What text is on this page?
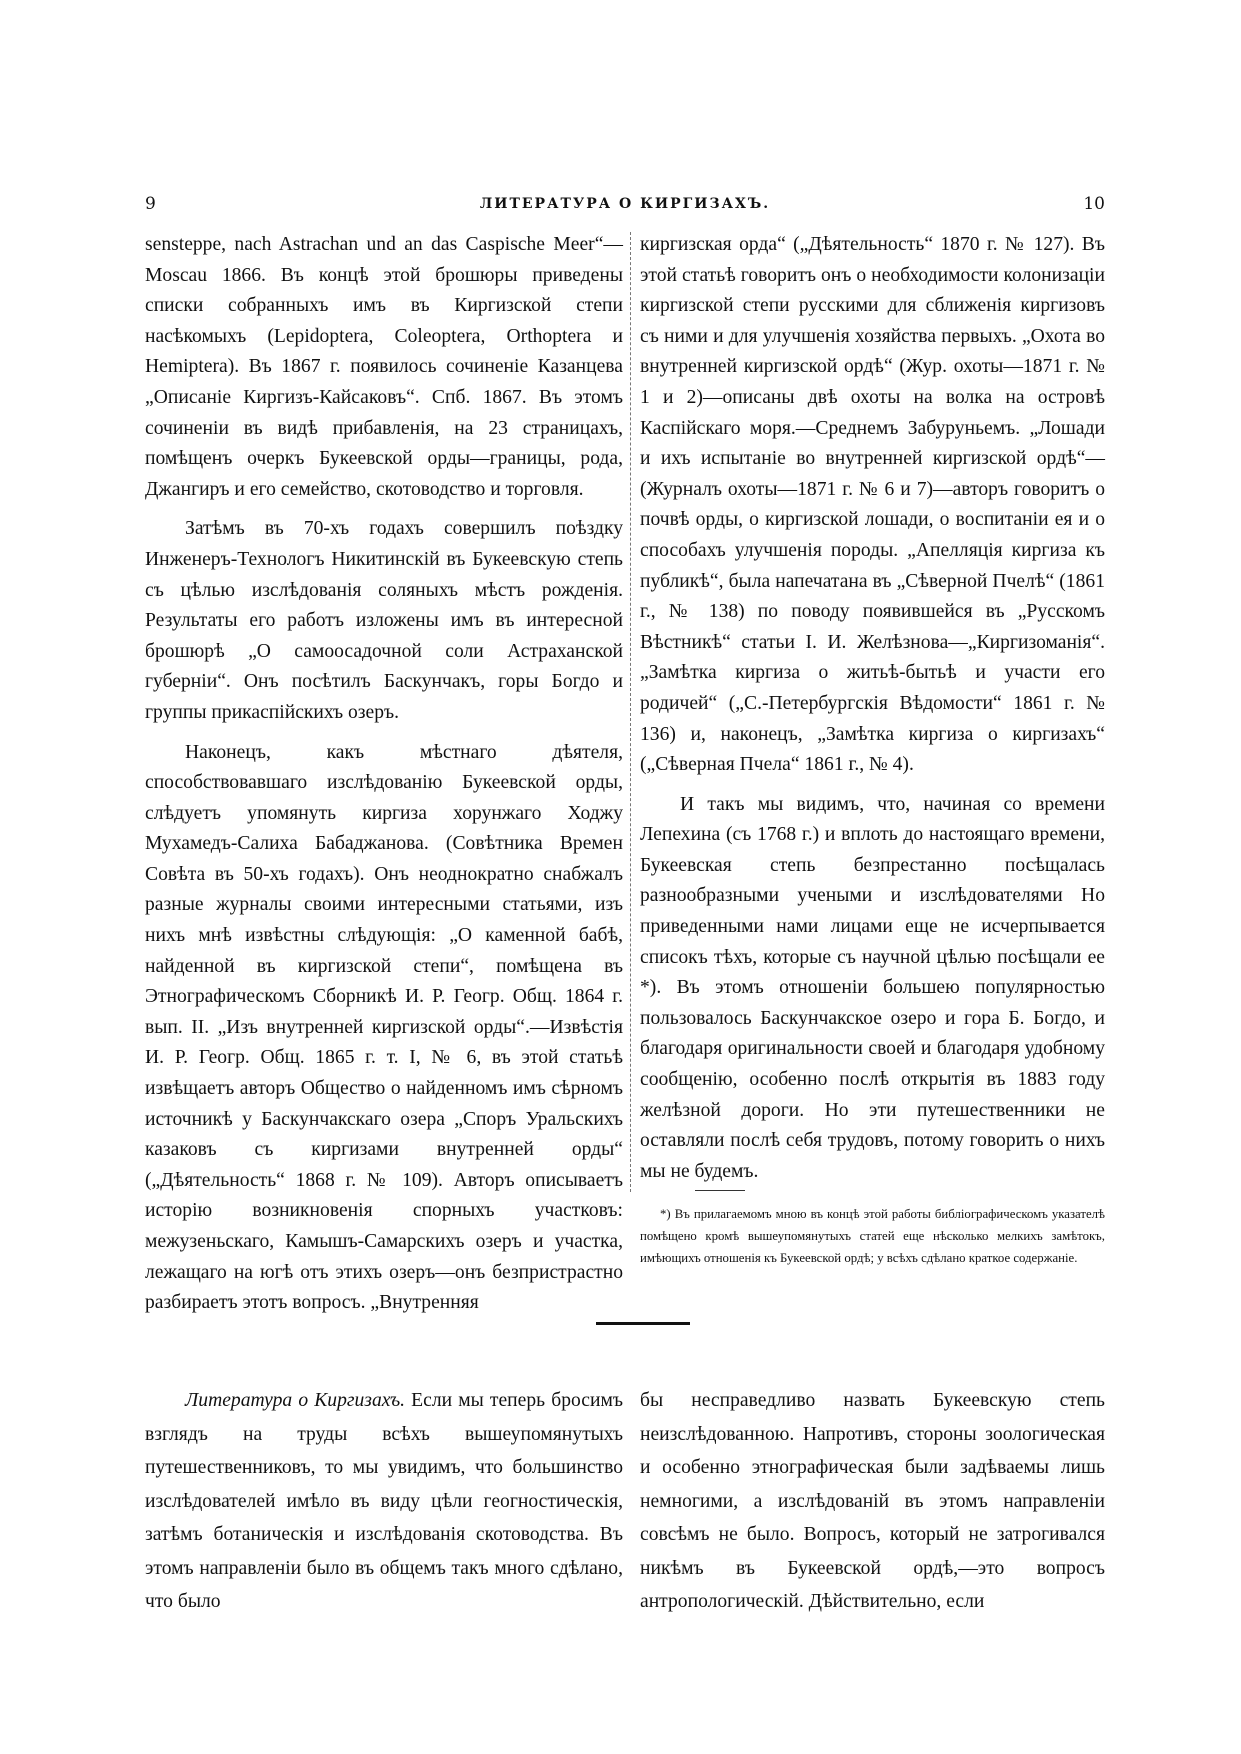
9	ЛИТЕРАТУРА О КИРГИЗАХЪ.	10

sensteppe, nach Astrachan und an das Caspische Meer“—Moscau 1866. Въ концѣ этой брошюры приведены списки собранныхъ имъ въ Киргизской степи насѣкомыхъ (Lepidoptera, Coleoptera, Orthoptera и Hemiptera). Въ 1867 г. появилось сочиненіе Казанцева „Описаніе Киргизъ-Кайсаковъ“. Спб. 1867. Въ этомъ сочиненіи въ видѣ прибавленія, на 23 страницахъ, помѣщенъ очеркъ Букеевской орды—границы, рода, Джангиръ и его семейство, скотоводство и торговля.

Затѣмъ въ 70-хъ годахъ совершилъ поѣздку Инженеръ-Технологъ Никитинскій въ Букеевскую степь съ цѣлью изслѣдованія соляныхъ мѣстъ рожденія. Результаты его работъ изложены имъ въ интересной брошюрѣ „О самоосадочной соли Астраханской губерніи“. Онъ посѣтилъ Баскунчакъ, горы Богдо и группы прикаспійскихъ озеръ.

Наконецъ, какъ мѣстнаго дѣятеля, способствовавшаго изслѣдованію Букеевской орды, слѣдуетъ упомянуть киргиза хорунжаго Ходжу Мухамедъ-Салиха Бабаджанова. (Совѣтника Времен Совѣта въ 50-хъ годахъ). Онъ неоднократно снабжалъ разные журналы своими интересными статьями, изъ нихъ мнѣ извѣстны слѣдующія: „О каменной бабѣ, найденной въ киргизской степи“, помѣщена въ Этнографическомъ Сборникѣ И. Р. Геогр. Общ. 1864 г. вып. II. „Изъ внутренней киргизской орды“.—Извѣстія И. Р. Геогр. Общ. 1865 г. т. I, № 6, въ этой статьѣ извѣщаетъ авторъ Общество о найденномъ имъ сѣрномъ источникѣ у Баскунчакскаго озера „Споръ Уральскихъ казаковъ съ киргизами внутренней орды“ („Дѣятельность“ 1868 г. № 109). Авторъ описываетъ исторію возникновенія спорныхъ участковъ: межузеньскаго, Камышъ-Самарскихъ озеръ и участка, лежащаго на югѣ отъ этихъ озеръ—онъ безпристрастно разбираетъ этотъ вопросъ. „Внутренняя

киргизская орда“ („Дѣятельность“ 1870 г. № 127). Въ этой статьѣ говоритъ онъ о необходимости колонизаціи киргизской степи русскими для сближенія киргизовъ съ ними и для улучшенія хозяйства первыхъ. „Охота во внутренней киргизской ордѣ“ (Жур. охоты—1871 г. № 1 и 2)—описаны двѣ охоты на волка на островѣ Каспійскаго моря.—Среднемъ Забуруньемъ. „Лошади и ихъ испытаніе во внутренней киргизской ордѣ“—(Журналъ охоты—1871 г. № 6 и 7)—авторъ говоритъ о почвѣ орды, о киргизской лошади, о воспитаніи ея и о способахъ улучшенія породы. „Апелляція киргиза къ публикѣ“, была напечатана въ „Сѣверной Пчелѣ“ (1861 г., № 138) по поводу появившейся въ „Русскомъ Вѣстникѣ“ статьи I. И. Желѣзнова—„Киргизоманія“. „Замѣтка киргиза о житьѣ-бытьѣ и участи его родичей“ („С.-Петербургскія Вѣдомости“ 1861 г. № 136) и, наконецъ, „Замѣтка киргиза о киргизахъ“ („Сѣверная Пчела“ 1861 г., № 4).

И такъ мы видимъ, что, начиная со времени Лепехина (съ 1768 г.) и вплоть до настоящаго времени, Букеевская степь безпрестанно посѣщалась разнообразными учеными и изслѣдователями Но приведенными нами лицами еще не исчерпывается списокъ тѣхъ, которые съ научной цѣлью посѣщали ее *). Въ этомъ отношеніи большею популярностью пользовалось Баскунчакское озеро и гора Б. Богдо, и благодаря оригинальности своей и благодаря удобному сообщенію, особенно послѣ открытія въ 1883 году желѣзной дороги. Но эти путешественники не оставляли послѣ себя трудовъ, потому говорить о нихъ мы не будемъ.

*) Въ прилагаемомъ мною въ концѣ этой работы библіографическомъ указателѣ помѣщено кромѣ вышеупомянутыхъ статей еще нѣсколько мелкихъ замѣтокъ, имѣющихъ отношенія къ Букеевской ордѣ; у всѣхъ сдѣлано краткое содержаніе.

Литература о Киргизахъ. Если мы теперь бросимъ взглядъ на труды всѣхъ вышеупомянутыхъ путешественниковъ, то мы увидимъ, что большинство изслѣдователей имѣло въ виду цѣли геогностическія, затѣмъ ботаническія и изслѣдованія скотоводства. Въ этомъ направленіи было въ общемъ такъ много сдѣлано, что было

бы несправедливо назвать Букеевскую степь неизслѣдованною. Напротивъ, стороны зоологическая и особенно этнографическая были задѣваемы лишь немногими, а изслѣдованій въ этомъ направленіи совсѣмъ не было. Вопросъ, который не затрогивался никѣмъ въ Букеевской ордѣ,—это вопросъ антропологическій. Дѣйствительно, если
